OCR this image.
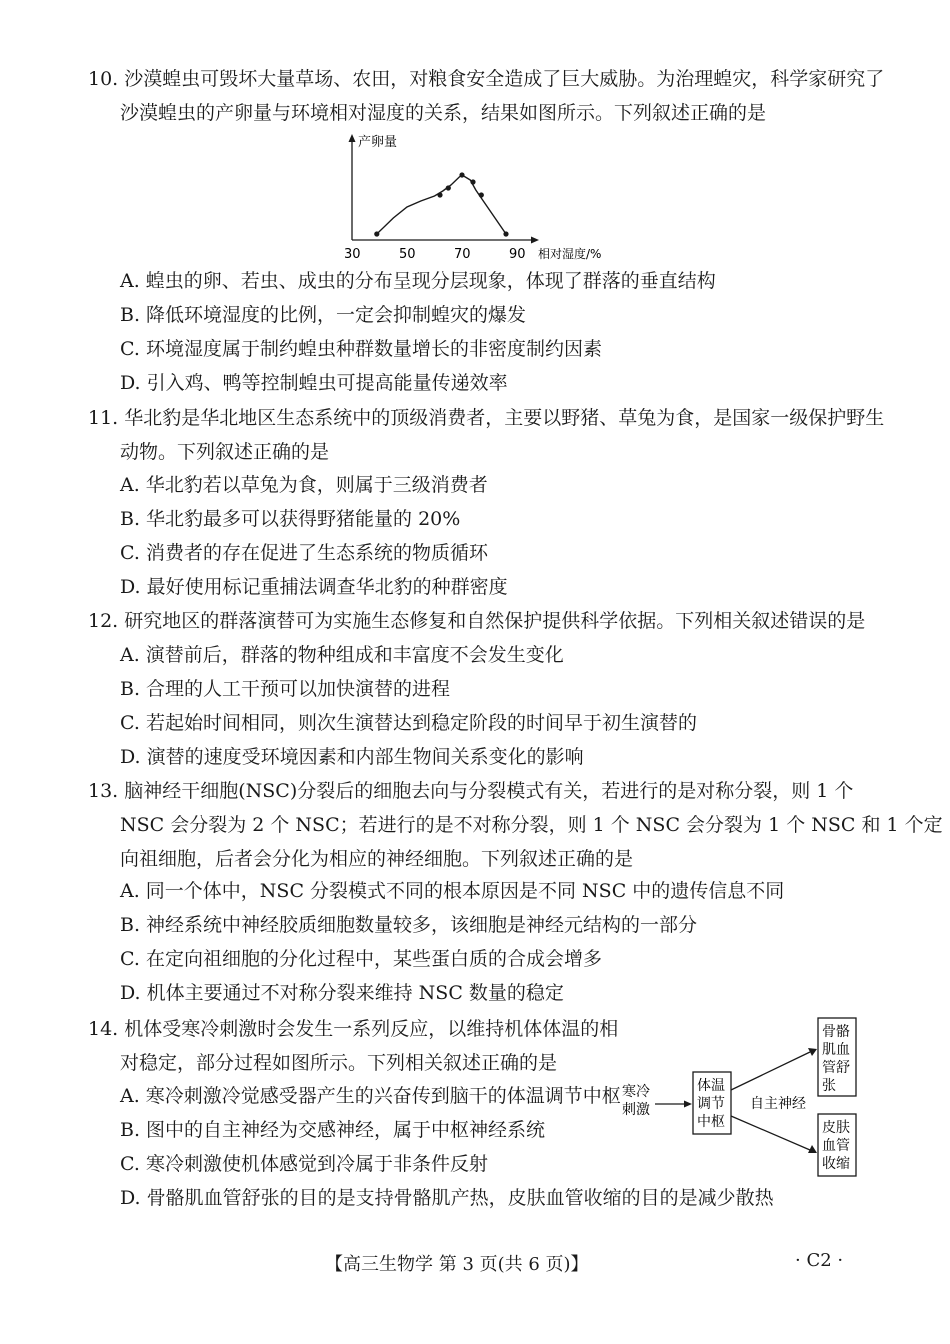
10. 沙漠蝗虫可毁坏大量草场、农田，对粮食安全造成了巨大威胁。为治理蝗灾，科学家研究了
沙漠蝗虫的产卵量与环境相对湿度的关系，结果如图所示。下列叙述正确的是
产卵量
相对湿度/%
30	50	70	90
A. 蝗虫的卵、若虫、成虫的分布呈现分层现象，体现了群落的垂直结构
B. 降低环境湿度的比例，一定会抑制蝗灾的爆发
C. 环境湿度属于制约蝗虫种群数量增长的非密度制约因素
D. 引入鸡、鸭等控制蝗虫可提高能量传递效率
11. 华北豹是华北地区生态系统中的顶级消费者，主要以野猪、草兔为食，是国家一级保护野生
动物。下列叙述正确的是
A. 华北豹若以草兔为食，则属于三级消费者
B. 华北豹最多可以获得野猪能量的 20%
C. 消费者的存在促进了生态系统的物质循环
D. 最好使用标记重捕法调查华北豹的种群密度
12. 研究地区的群落演替可为实施生态修复和自然保护提供科学依据。下列相关叙述错误的是
A. 演替前后，群落的物种组成和丰富度不会发生变化
B. 合理的人工干预可以加快演替的进程
C. 若起始时间相同，则次生演替达到稳定阶段的时间早于初生演替的
D. 演替的速度受环境因素和内部生物间关系变化的影响
13. 脑神经干细胞(NSC)分裂后的细胞去向与分裂模式有关，若进行的是对称分裂，则 1 个
NSC 会分裂为 2 个 NSC；若进行的是不对称分裂，则 1 个 NSC 会分裂为 1 个 NSC 和 1 个定
向祖细胞，后者会分化为相应的神经细胞。下列叙述正确的是
A. 同一个体中，NSC 分裂模式不同的根本原因是不同 NSC 中的遗传信息不同
B. 神经系统中神经胶质细胞数量较多，该细胞是神经元结构的一部分
C. 在定向祖细胞的分化过程中，某些蛋白质的合成会增多
D. 机体主要通过不对称分裂来维持 NSC 数量的稳定
14. 机体受寒冷刺激时会发生一系列反应，以维持机体体温的相
对稳定，部分过程如图所示。下列相关叙述正确的是
A. 寒冷刺激冷觉感受器产生的兴奋传到脑干的体温调节中枢
B. 图中的自主神经为交感神经，属于中枢神经系统
C. 寒冷刺激使机体感觉到冷属于非条件反射
D. 骨骼肌血管舒张的目的是支持骨骼肌产热，皮肤血管收缩的目的是减少散热
寒冷
刺激
体温
调节
中枢
自主神经
骨骼
肌血
管舒
张
皮肤
血管
收缩
【高三生物学 第 3 页(共 6 页)】	· C2 ·
